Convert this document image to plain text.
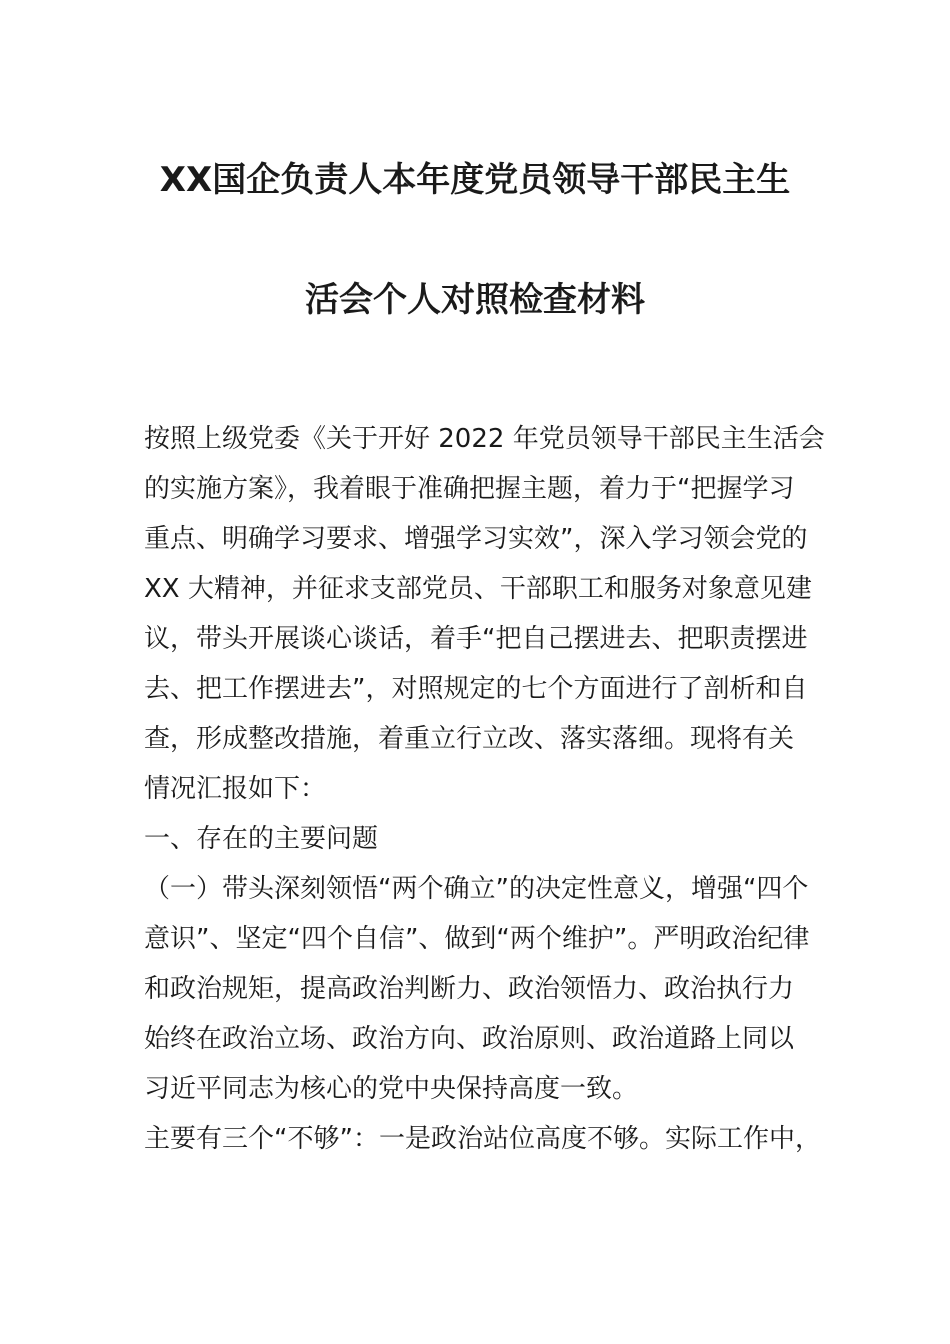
XX国企负责人本年度党员领导干部民主生
活会个人对照检查材料
按照上级党委《关于开好 2022 年党员领导干部民主生活会
的实施方案》，我着眼于准确把握主题，着力于“把握学习
重点、明确学习要求、增强学习实效”，深入学习领会党的
XX 大精神，并征求支部党员、干部职工和服务对象意见建
议，带头开展谈心谈话，着手“把自己摆进去、把职责摆进
去、把工作摆进去”，对照规定的七个方面进行了剖析和自
查，形成整改措施，着重立行立改、落实落细。现将有关
情况汇报如下：
一、存在的主要问题
（一）带头深刻领悟“两个确立”的决定性意义，增强“四个
意识”、坚定“四个自信”、做到“两个维护”。严明政治纪律
和政治规矩，提高政治判断力、政治领悟力、政治执行力
始终在政治立场、政治方向、政治原则、政治道路上同以
习近平同志为核心的党中央保持高度一致。
主要有三个“不够”：一是政治站位高度不够。实际工作中，
